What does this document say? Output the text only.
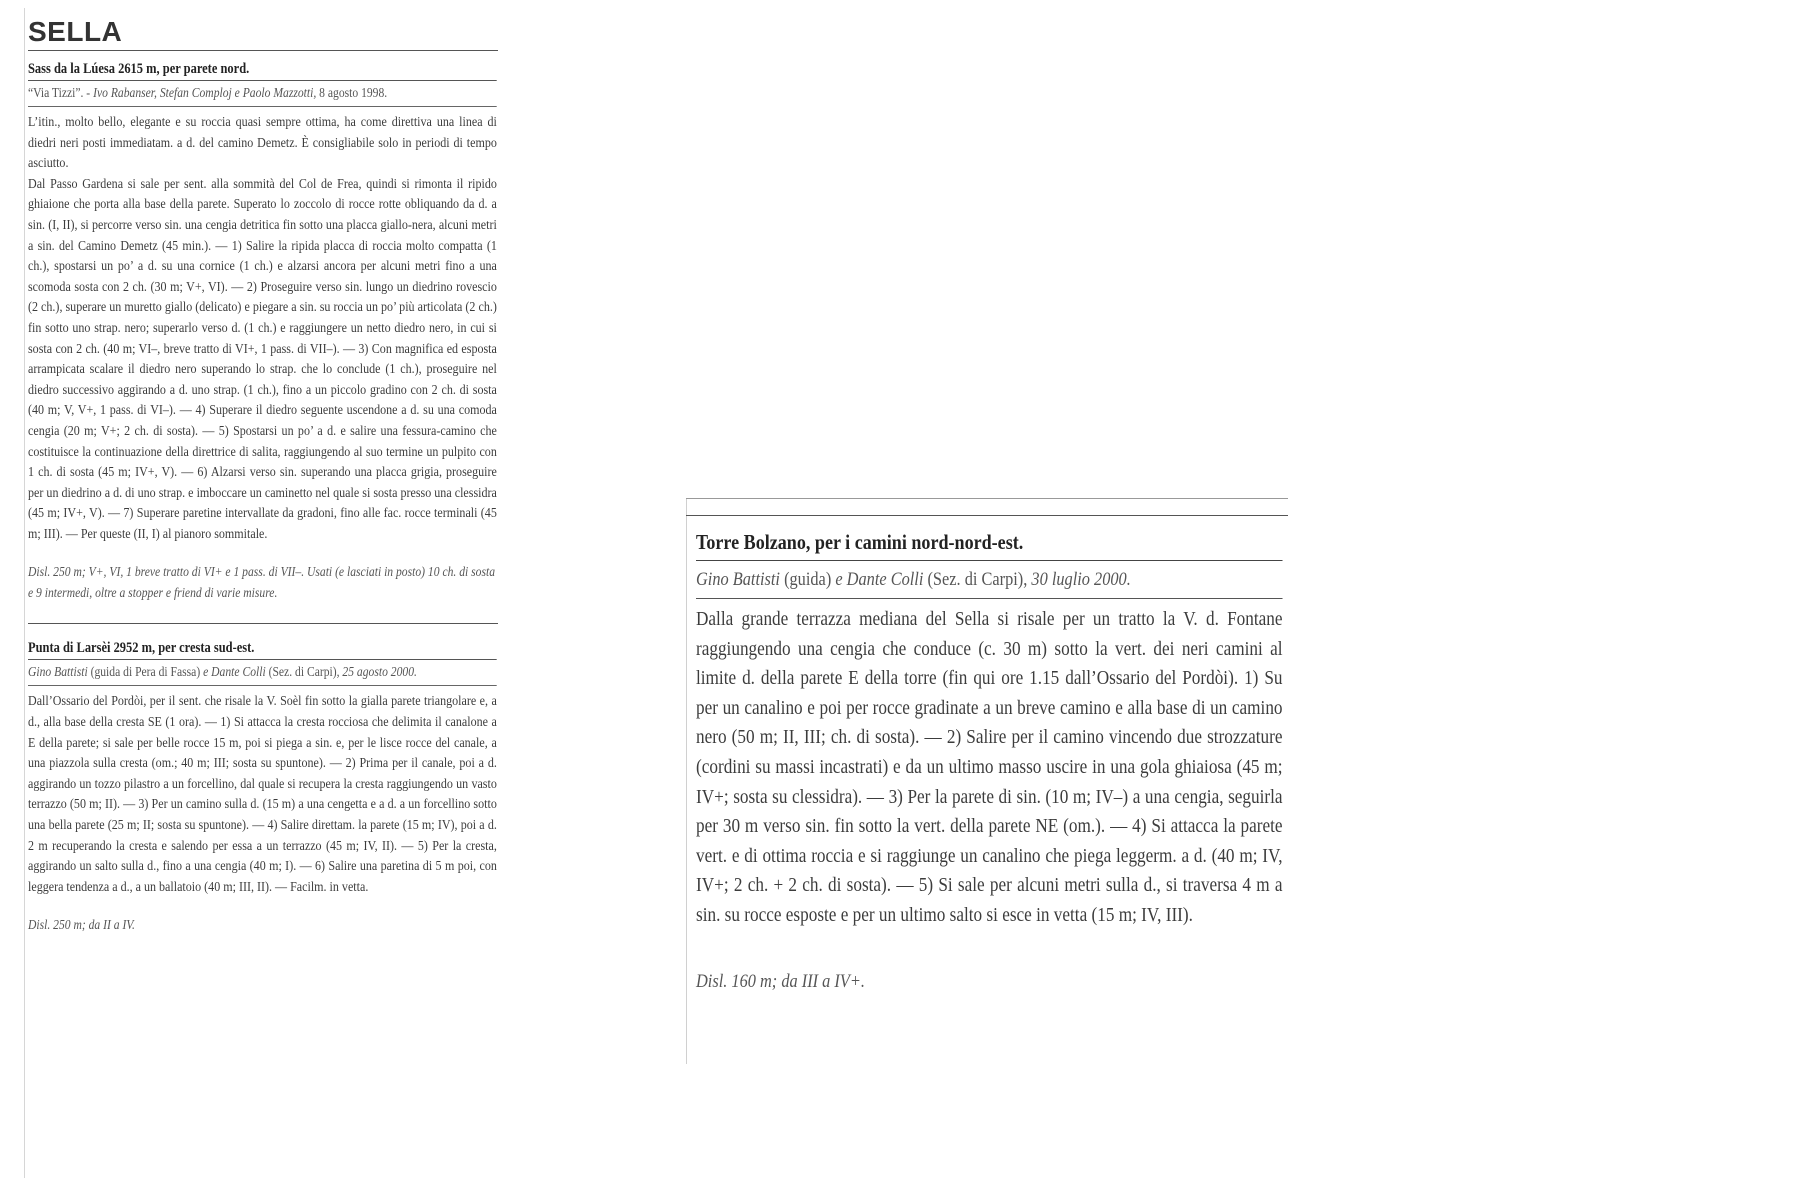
SELLA
Sass da la Lúesa 2615 m, per parete nord.
“Via Tizzi”. - Ivo Rabanser, Stefan Comploj e Paolo Mazzotti, 8 agosto 1998.

L’itin., molto bello, elegante e su roccia quasi sempre ottima, ha come direttiva una linea di diedri neri posti immediatam. a d. del camino Demetz. È consigliabile solo in periodi di tempo asciutto.

Dal Passo Gardena si sale per sent. alla sommità del Col de Frea, quindi si rimonta il ripido ghiaione che porta alla base della parete. Superato lo zoccolo di rocce rotte obliquando da d. a sin. (I, II), si percorre verso sin. una cengia detritica fin sotto una placca giallo-nera, alcuni metri a sin. del Camino Demetz (45 min.). — 1) Salire la ripida placca di roccia molto compatta (1 ch.), spostarsi un po’ a d. su una cornice (1 ch.) e alzarsi ancora per alcuni metri fino a una scomoda sosta con 2 ch. (30 m; V+, VI). — 2) Proseguire verso sin. lungo un diedrino rovescio (2 ch.), superare un muretto giallo (delicato) e piegare a sin. su roccia un po’ più articolata (2 ch.) fin sotto uno strap. nero; superarlo verso d. (1 ch.) e raggiungere un netto diedro nero, in cui si sosta con 2 ch. (40 m; VI–, breve tratto di VI+, 1 pass. di VII–). — 3) Con magnifica ed esposta arrampicata scalare il diedro nero superando lo strap. che lo conclude (1 ch.), proseguire nel diedro successivo aggirando a d. uno strap. (1 ch.), fino a un piccolo gradino con 2 ch. di sosta (40 m; V, V+, 1 pass. di VI–). — 4) Superare il diedro seguente uscendone a d. su una comoda cengia (20 m; V+; 2 ch. di sosta). — 5) Spostarsi un po’ a d. e salire una fessura-camino che costituisce la continuazione della direttrice di salita, raggiungendo al suo termine un pulpito con 1 ch. di sosta (45 m; IV+, V). — 6) Alzarsi verso sin. superando una placca grigia, proseguire per un diedrino a d. di uno strap. e imboccare un caminetto nel quale si sosta presso una clessidra (45 m; IV+, V). — 7) Superare paretine intervallate da gradoni, fino alle fac. rocce terminali (45 m; III). — Per queste (II, I) al pianoro sommitale.

Disl. 250 m; V+, VI, 1 breve tratto di VI+ e 1 pass. di VII–. Usati (e lasciati in posto) 10 ch. di sosta e 9 intermedi, oltre a stopper e friend di varie misure.
Punta di Larsèi 2952 m, per cresta sud-est.
Gino Battisti (guida di Pera di Fassa) e Dante Colli (Sez. di Carpi), 25 agosto 2000.

Dall’Ossario del Pordòi, per il sent. che risale la V. Soèl fin sotto la gialla parete triangolare e, a d., alla base della cresta SE (1 ora). — 1) Si attacca la cresta rocciosa che delimita il canalone a E della parete; si sale per belle rocce 15 m, poi si piega a sin. e, per le lisce rocce del canale, a una piazzola sulla cresta (om.; 40 m; III; sosta su spuntone). — 2) Prima per il canale, poi a d. aggirando un tozzo pilastro a un forcellino, dal quale si recupera la cresta raggiungendo un vasto terrazzo (50 m; II). — 3) Per un camino sulla d. (15 m) a una cengetta e a d. a un forcellino sotto una bella parete (25 m; II; sosta su spuntone). — 4) Salire direttam. la parete (15 m; IV), poi a d. 2 m recuperando la cresta e salendo per essa a un terrazzo (45 m; IV, II). — 5) Per la cresta, aggirando un salto sulla d., fino a una cengia (40 m; I). — 6) Salire una paretina di 5 m poi, con leggera tendenza a d., a un ballatoio (40 m; III, II). — Facilm. in vetta.

Disl. 250 m; da II a IV.
Torre Bolzano, per i camini nord-nord-est.
Gino Battisti (guida) e Dante Colli (Sez. di Carpi), 30 luglio 2000.

Dalla grande terrazza mediana del Sella si risale per un tratto la V. d. Fontane raggiungendo una cengia che conduce (c. 30 m) sotto la vert. dei neri camini al limite d. della parete E della torre (fin qui ore 1.15 dall’Ossario del Pordòi). 1) Su per un canalino e poi per rocce gradinate a un breve camino e alla base di un camino nero (50 m; II, III; ch. di sosta). — 2) Salire per il camino vincendo due strozzature (cordini su massi incastrati) e da un ultimo masso uscire in una gola ghiaiosa (45 m; IV+; sosta su clessidra). — 3) Per la parete di sin. (10 m; IV–) a una cengia, seguirla per 30 m verso sin. fin sotto la vert. della parete NE (om.). — 4) Si attacca la parete vert. e di ottima roccia e si raggiunge un canalino che piega leggerm. a d. (40 m; IV, IV+; 2 ch. + 2 ch. di sosta). — 5) Si sale per alcuni metri sulla d., si traversa 4 m a sin. su rocce esposte e per un ultimo salto si esce in vetta (15 m; IV, III).

Disl. 160 m; da III a IV+.
